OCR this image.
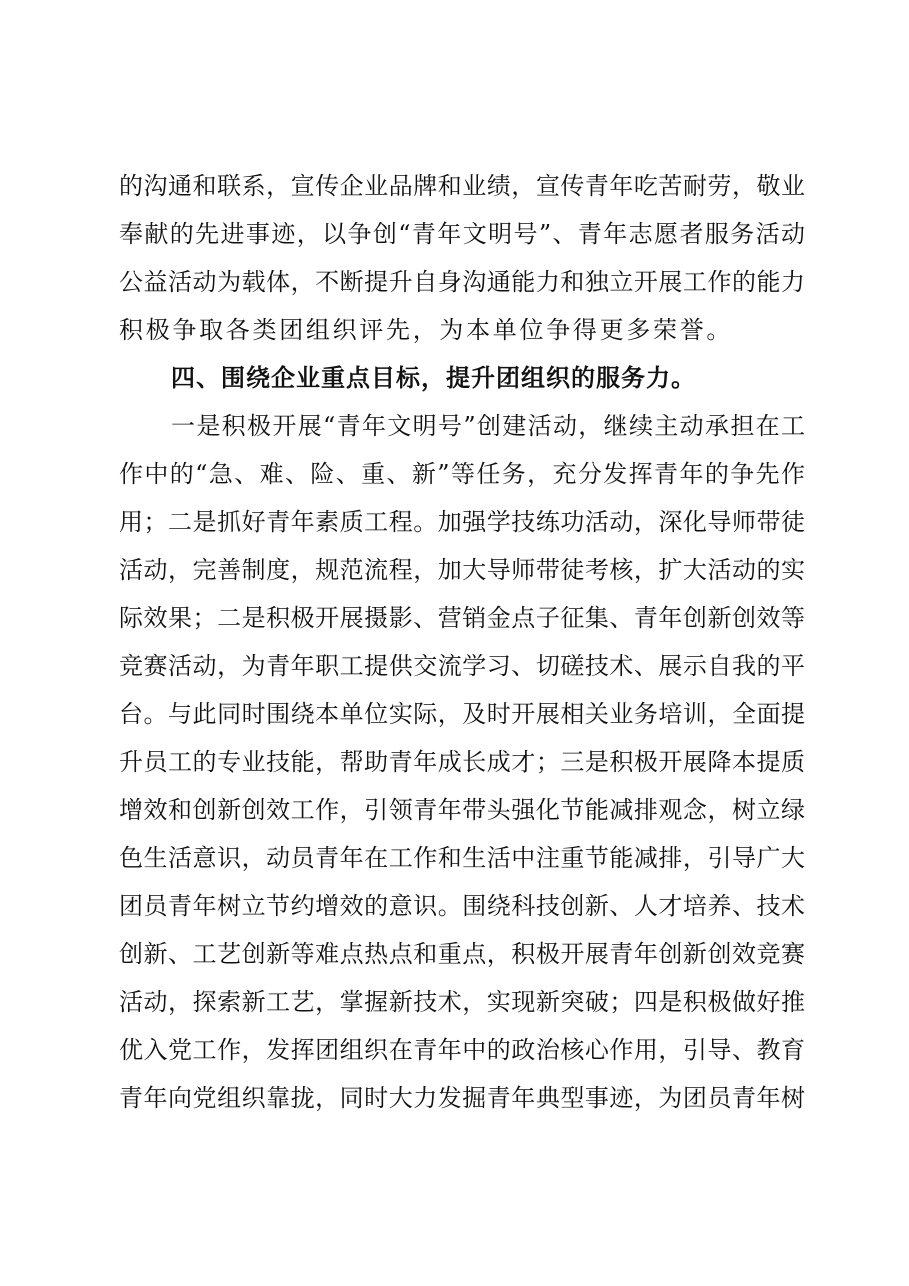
的沟通和联系，宣传企业品牌和业绩，宣传青年吃苦耐劳，敬业
奉献的先进事迹，以争创“青年文明号”、青年志愿者服务活动
公益活动为载体，不断提升自身沟通能力和独立开展工作的能力
积极争取各类团组织评先，为本单位争得更多荣誉。
四、围绕企业重点目标，提升团组织的服务力。
一是积极开展“青年文明号”创建活动，继续主动承担在工
作中的“急、难、险、重、新”等任务，充分发挥青年的争先作
用；二是抓好青年素质工程。加强学技练功活动，深化导师带徒
活动，完善制度，规范流程，加大导师带徒考核，扩大活动的实
际效果；二是积极开展摄影、营销金点子征集、青年创新创效等
竞赛活动，为青年职工提供交流学习、切磋技术、展示自我的平
台。与此同时围绕本单位实际，及时开展相关业务培训，全面提
升员工的专业技能，帮助青年成长成才；三是积极开展降本提质
增效和创新创效工作，引领青年带头强化节能减排观念，树立绿
色生活意识，动员青年在工作和生活中注重节能减排，引导广大
团员青年树立节约增效的意识。围绕科技创新、人才培养、技术
创新、工艺创新等难点热点和重点，积极开展青年创新创效竞赛
活动，探索新工艺，掌握新技术，实现新突破；四是积极做好推
优入党工作，发挥团组织在青年中的政治核心作用，引导、教育
青年向党组织靠拢，同时大力发掘青年典型事迹，为团员青年树
